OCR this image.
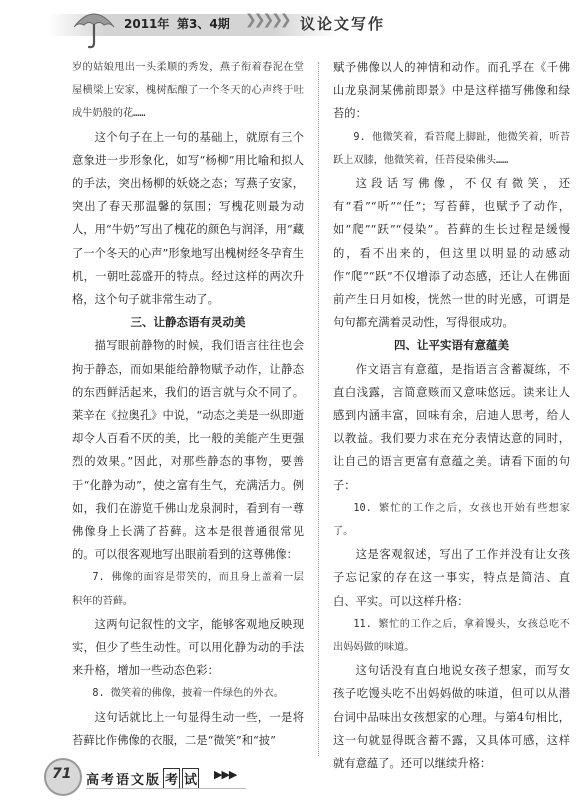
2011年 第3、4期 ❯❯❯❯❯ 议论文写作

岁的姑娘甩出一头柔顺的秀发，燕子衔着春泥在堂屋横梁上安家，槐树酝酿了一个冬天的心声终于吐成牛奶般的花……

这个句子在上一句的基础上，就原有三个意象进一步形象化，如写“杨柳”用比喻和拟人的手法，突出杨柳的妖娆之态；写燕子安家，突出了春天那温馨的氛围；写槐花则最为动人，用“牛奶”写出了槐花的颜色与润泽，用“藏了一个冬天的心声”形象地写出槐树经冬孕育生机，一朝吐蕊盛开的特点。经过这样的两次升格，这个句子就非常生动了。

三、让静态语有灵动美

描写眼前静物的时候，我们语言往往也会拘于静态，而如果能给静物赋予动作，让静态的东西鲜活起来，我们的语言就与众不同了。莱辛在《拉奥孔》中说，“动态之美是一纵即逝却令人百看不厌的美，比一般的美能产生更强烈的效果。”因此，对那些静态的事物，要善于“化静为动”，使之富有生气，充满活力。例如，我们在游览千佛山龙泉洞时，看到有一尊佛像身上长满了苔藓。这本是很普通很常见的。可以很客观地写出眼前看到的这尊佛像：

7. 佛像的面容是带笑的，而且身上盖着一层积年的苔藓。

这两句记叙性的文字，能够客观地反映现实，但少了些生动性。可以用化静为动的手法来升格，增加一些动态色彩：

8. 微笑着的佛像，披着一件绿色的外衣。

这句话就比上一句显得生动一些，一是将苔藓比作佛像的衣服，二是“微笑”和“披”

赋予佛像以人的神情和动作。而孔孚在《千佛山龙泉洞某佛前即景》中是这样描写佛像和绿苔的：

9. 他微笑着，看苔爬上脚趾，他微笑着，听苔跃上双膝，他微笑着，任苔侵染佛头……

这段话写佛像，不仅有微笑，还有“看”“听”“任”；写苔藓，也赋予了动作，如“爬”“跃”“侵染”。苔藓的生长过程是缓慢的，看不出来的，但这里以明显的动感动作“爬”“跃”不仅增添了动态感，还让人在佛面前产生日月如梭，恍然一世的时光感，可谓是句句都充满着灵动性，写得很成功。

四、让平实语有意蕴美

作文语言有意蕴，是指语言含蓄凝练，不直白浅露，言简意赅而又意味悠远。读来让人感到内涵丰富，回味有余，启迪人思考，给人以教益。我们要力求在充分表情达意的同时，让自己的语言更富有意蕴之美。请看下面的句子：

10. 繁忙的工作之后，女孩也开始有些想家了。

这是客观叙述，写出了工作并没有让女孩子忘记家的存在这一事实，特点是简洁、直白、平实。可以这样升格：

11. 繁忙的工作之后，拿着馒头，女孩总吃不出妈妈做的味道。

这句话没有直白地说女孩子想家，而写女孩子吃馒头吃不出妈妈做的味道，但可以从潜台词中品味出女孩想家的心理。与第4句相比，这一句就显得既含蓄不露，又具体可感，这样就有意蕴了。还可以继续升格：

71 高考语文版 考 试 ▶▶▶
